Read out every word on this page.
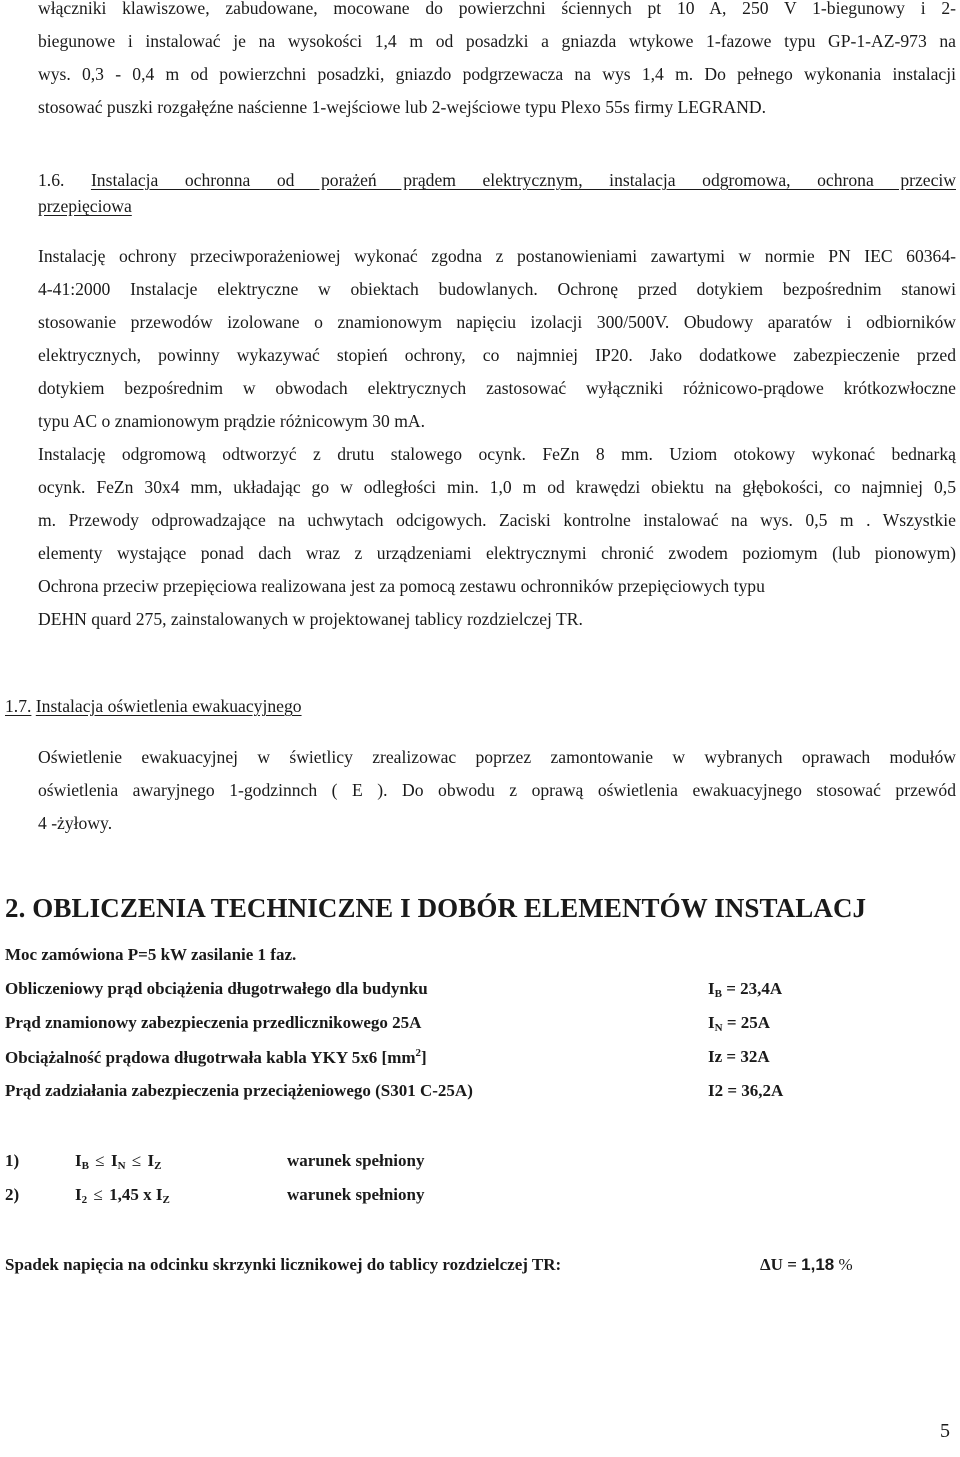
włączniki klawiszowe, zabudowane, mocowane do powierzchni ściennych pt 10 A, 250 V 1-biegunowy i 2-
biegunowe i instalować je na wysokości 1,4 m od posadzki a gniazda wtykowe 1-fazowe typu GP-1-AZ-973 na
wys. 0,3 - 0,4 m od powierzchni posadzki, gniazdo podgrzewacza na wys 1,4 m. Do pełnego wykonania instalacji
stosować puszki rozgałęźne naścienne 1-wejściowe lub 2-wejściowe typu Plexo 55s firmy LEGRAND.
1.6. Instalacja ochronna od porażeń prądem elektrycznym, instalacja odgromowa, ochrona przeciw
przepięciowa
Instalację ochrony przeciwporażeniowej wykonać zgodna z postanowieniami zawartymi w normie PN IEC 60364-
4-41:2000 Instalacje elektryczne w obiektach budowlanych. Ochronę przed dotykiem bezpośrednim stanowi
stosowanie przewodów izolowane o znamionowym napięciu izolacji 300/500V. Obudowy aparatów i odbiorników
elektrycznych, powinny wykazywać stopień ochrony, co najmniej IP20. Jako dodatkowe zabezpieczenie przed
dotykiem bezpośrednim w obwodach elektrycznych zastosować wyłączniki różnicowo-prądowe krótkozwłoczne
typu AC o znamionowym prądzie różnicowym 30 mA.
Instalację odgromową odtworzyć z drutu stalowego ocynk. FeZn 8 mm. Uziom otokowy wykonać bednarką
ocynk. FeZn 30x4 mm, układając go w odległości min. 1,0 m od krawędzi obiektu na głębokości, co najmniej 0,5
m. Przewody odprowadzające na uchwytach odcigowych. Zaciski kontrolne instalować na wys. 0,5 m . Wszystkie
elementy wystające ponad dach wraz z urządzeniami elektrycznymi chronić zwodem poziomym (lub pionowym)
Ochrona przeciw przepięciowa realizowana jest za pomocą zestawu ochronników przepięciowych typu
DEHN quard 275, zainstalowanych w projektowanej tablicy rozdzielczej TR.
1.7. Instalacja oświetlenia ewakuacyjnego
Oświetlenie ewakuacyjnej w świetlicy zrealizowac poprzez zamontowanie w wybranych oprawach modułów
oświetlenia awaryjnego 1-godzinnch ( E ). Do obwodu z oprawą oświetlenia ewakuacyjnego stosować przewód
4 -żyłowy.
2. OBLICZENIA TECHNICZNE I DOBÓR ELEMENTÓW INSTALACJ
Moc zamówiona P=5 kW zasilanie 1 faz.
Obliczeniowy prąd obciążenia długotrwałego dla budynku	$I_B = 23,4A$
Prąd znamionowy zabezpieczenia przedlicznikowego 25A	$I_N = 25A$
Obciążalność prądowa długotrwała kabla YKY 5x6 $[mm^2]$	Iz = 32A
Prąd zadziałania zabezpieczenia przeciążeniowego (S301 C-25A)	I2 = 36,2A
1)	$I_B \le I_N \le I_Z$	warunek spełniony
2)	$I_2 \le 1,45$ x $I_Z$	warunek spełniony
Spadek napięcia na odcinku skrzynki licznikowej do tablicy rozdzielczej TR:	ΔU = 1,18 %
5
